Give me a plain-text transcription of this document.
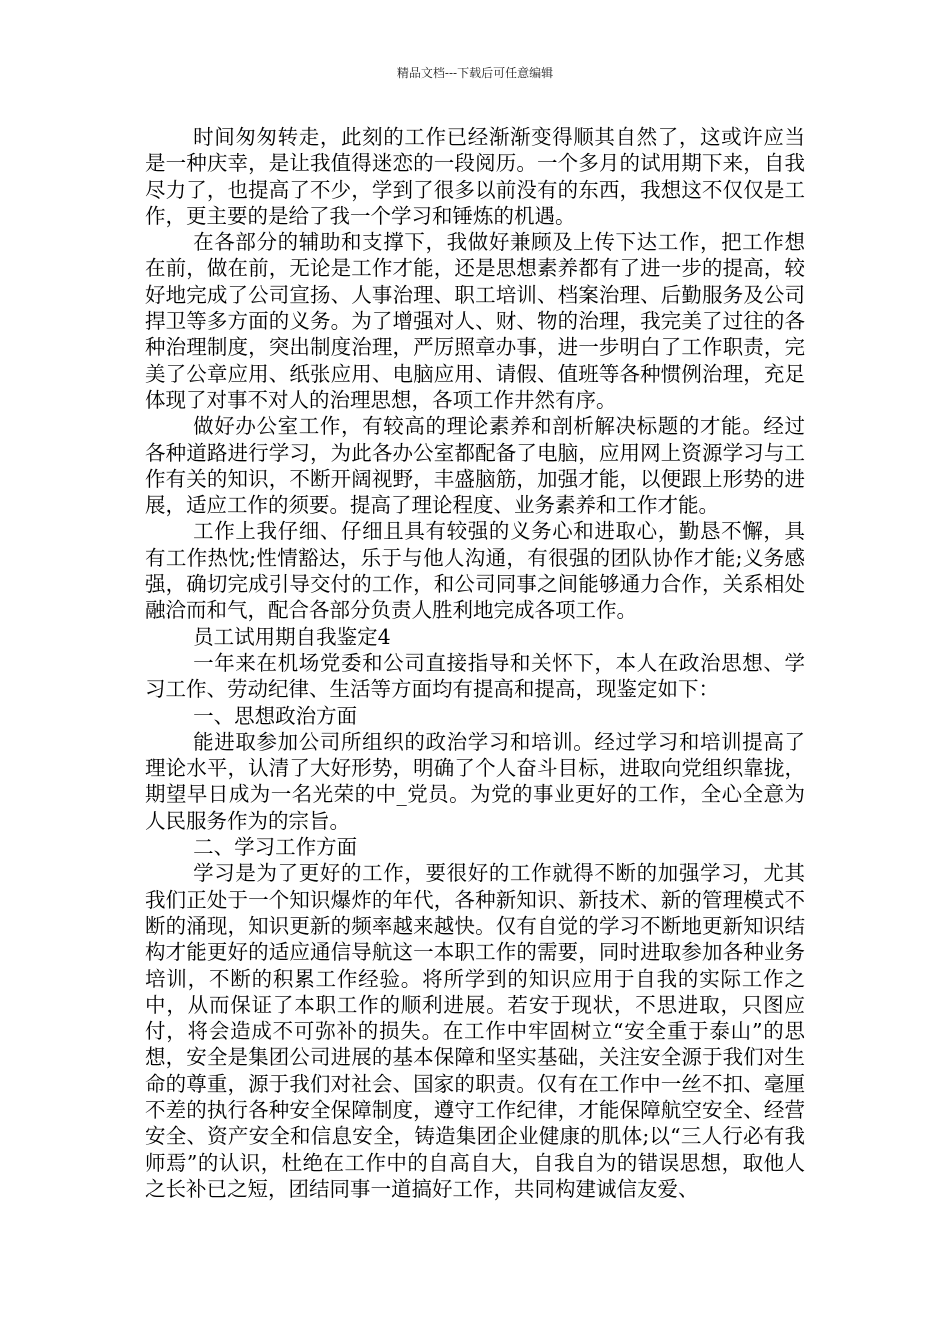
精品文档---下载后可任意编辑

时间匆匆转走，此刻的工作已经渐渐变得顺其自然了，这或许应当是一种庆幸，是让我值得迷恋的一段阅历。一个多月的试用期下来，自我尽力了，也提高了不少，学到了很多以前没有的东西，我想这不仅仅是工作，更主要的是给了我一个学习和锤炼的机遇。

在各部分的辅助和支撑下，我做好兼顾及上传下达工作，把工作想在前，做在前，无论是工作才能，还是思想素养都有了进一步的提高，较好地完成了公司宣扬、人事治理、职工培训、档案治理、后勤服务及公司捍卫等多方面的义务。为了增强对人、财、物的治理，我完美了过往的各种治理制度，突出制度治理，严厉照章办事，进一步明白了工作职责，完美了公章应用、纸张应用、电脑应用、请假、值班等各种惯例治理，充足体现了对事不对人的治理思想，各项工作井然有序。

做好办公室工作，有较高的理论素养和剖析解决标题的才能。经过各种道路进行学习，为此各办公室都配备了电脑，应用网上资源学习与工作有关的知识，不断开阔视野，丰盛脑筋，加强才能，以便跟上形势的进展，适应工作的须要。提高了理论程度、业务素养和工作才能。

工作上我仔细、仔细且具有较强的义务心和进取心，勤恳不懈，具有工作热忱;性情豁达，乐于与他人沟通，有很强的团队协作才能;义务感强，确切完成引导交付的工作，和公司同事之间能够通力合作，关系相处融洽而和气，配合各部分负责人胜利地完成各项工作。

员工试用期自我鉴定4

一年来在机场党委和公司直接指导和关怀下，本人在政治思想、学习工作、劳动纪律、生活等方面均有提高和提高，现鉴定如下：

一、思想政治方面

能进取参加公司所组织的政治学习和培训。经过学习和培训提高了理论水平，认清了大好形势，明确了个人奋斗目标，进取向党组织靠拢，期望早日成为一名光荣的中_党员。为党的事业更好的工作，全心全意为人民服务作为的宗旨。

二、学习工作方面

学习是为了更好的工作，要很好的工作就得不断的加强学习，尤其我们正处于一个知识爆炸的年代，各种新知识、新技术、新的管理模式不断的涌现，知识更新的频率越来越快。仅有自觉的学习不断地更新知识结构才能更好的适应通信导航这一本职工作的需要，同时进取参加各种业务培训，不断的积累工作经验。将所学到的知识应用于自我的实际工作之中，从而保证了本职工作的顺利进展。若安于现状，不思进取，只图应付，将会造成不可弥补的损失。在工作中牢固树立“安全重于泰山”的思想，安全是集团公司进展的基本保障和坚实基础，关注安全源于我们对生命的尊重，源于我们对社会、国家的职责。仅有在工作中一丝不扣、毫厘不差的执行各种安全保障制度，遵守工作纪律，才能保障航空安全、经营安全、资产安全和信息安全，铸造集团企业健康的肌体;以“三人行必有我师焉”的认识，杜绝在工作中的自高自大，自我自为的错误思想，取他人之长补已之短，团结同事一道搞好工作，共同构建诚信友爱、
